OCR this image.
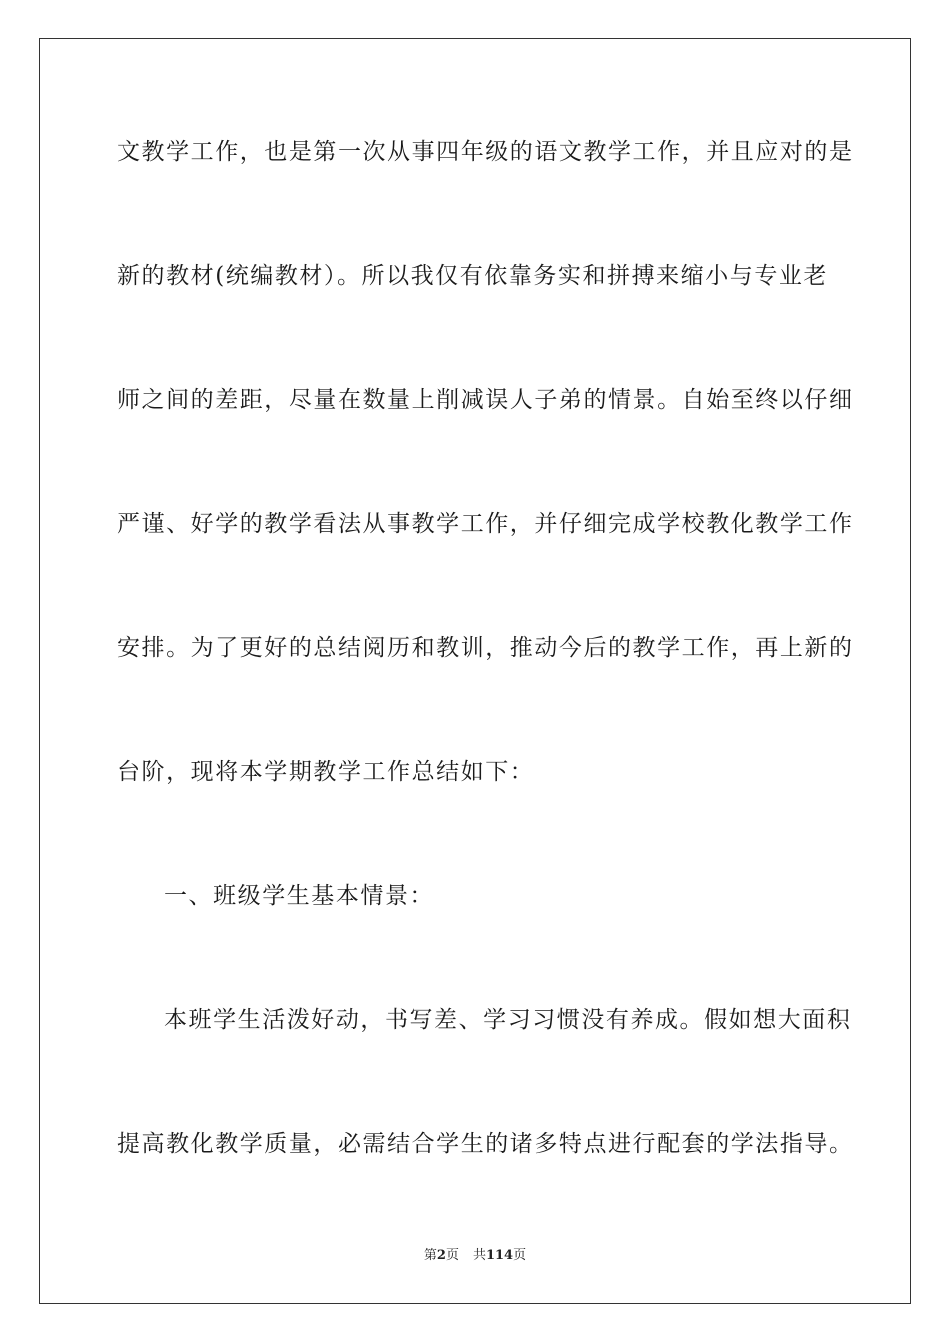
文教学工作，也是第一次从事四年级的语文教学工作，并且应对的是
新的教材(统编教材）。所以我仅有依靠务实和拼搏来缩小与专业老
师之间的差距，尽量在数量上削减误人子弟的情景。自始至终以仔细
严谨、好学的教学看法从事教学工作，并仔细完成学校教化教学工作
安排。为了更好的总结阅历和教训，推动今后的教学工作，再上新的
台阶，现将本学期教学工作总结如下：
一、班级学生基本情景：
本班学生活泼好动，书写差、学习习惯没有养成。假如想大面积
提高教化教学质量，必需结合学生的诸多特点进行配套的学法指导。
第2页 共114页
